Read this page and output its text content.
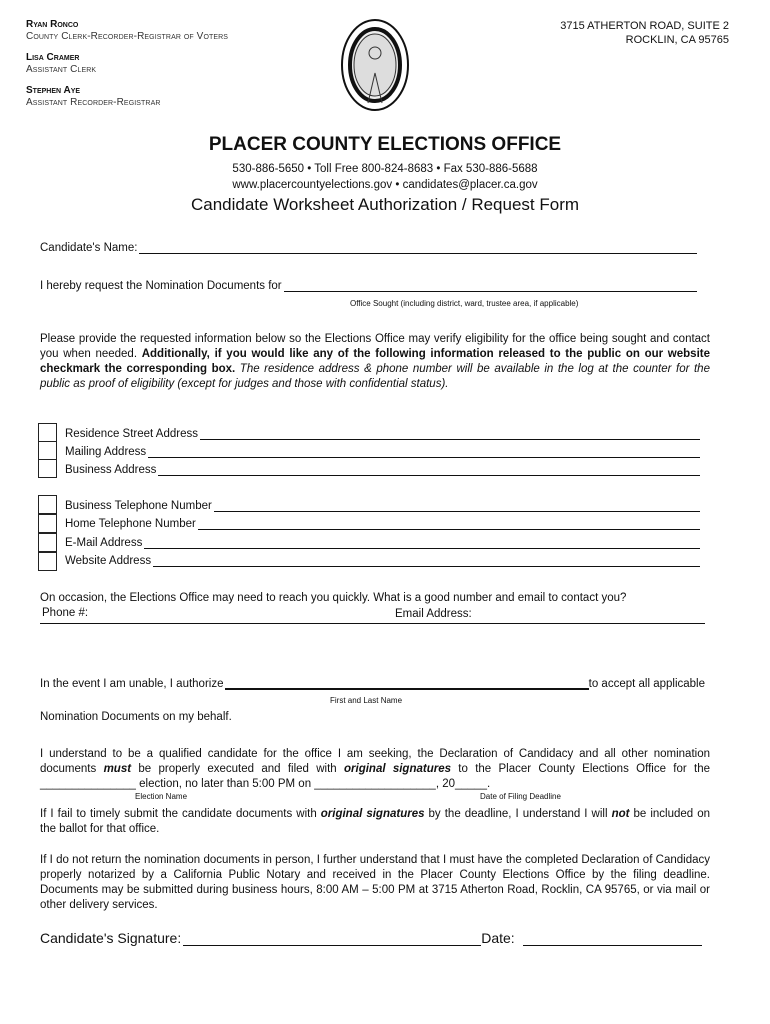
Ryan Ronco
County Clerk-Recorder-Registrar of Voters
Lisa Cramer
Assistant Clerk
Stephen Aye
Assistant Recorder-Registrar
3715 ATHERTON ROAD, SUITE 2
ROCKLIN, CA 95765
PLACER COUNTY ELECTIONS OFFICE
530-886-5650 • Toll Free 800-824-8683 • Fax 530-886-5688
www.placercountyelections.gov • candidates@placer.ca.gov
Candidate Worksheet Authorization / Request Form
Candidate's Name:
I hereby request the Nomination Documents for
Office Sought (including district, ward, trustee area, if applicable)
Please provide the requested information below so the Elections Office may verify eligibility for the office being sought and contact you when needed. Additionally, if you would like any of the following information released to the public on our website checkmark the corresponding box. The residence address & phone number will be available in the log at the counter for the public as proof of eligibility (except for judges and those with confidential status).
Residence Street Address
Mailing Address
Business Address
Business Telephone Number
Home Telephone Number
E-Mail Address
Website Address
On occasion, the Elections Office may need to reach you quickly. What is a good number and email to contact you?
Phone #:	Email Address:
In the event I am unable, I authorize	to accept all applicable
First and Last Name
Nomination Documents on my behalf.
I understand to be a qualified candidate for the office I am seeking, the Declaration of Candidacy and all other nomination documents must be properly executed and filed with original signatures to the Placer County Elections Office for the _______________ election, no later than 5:00 PM on ___________________, 20_____.
Election Name	Date of Filing Deadline
If I fail to timely submit the candidate documents with original signatures by the deadline, I understand I will not be included on the ballot for that office.
If I do not return the nomination documents in person, I further understand that I must have the completed Declaration of Candidacy properly notarized by a California Public Notary and received in the Placer County Elections Office by the filing deadline. Documents may be submitted during business hours, 8:00 AM – 5:00 PM at 3715 Atherton Road, Rocklin, CA 95765, or via mail or other delivery services.
Candidate's Signature:	Date:
